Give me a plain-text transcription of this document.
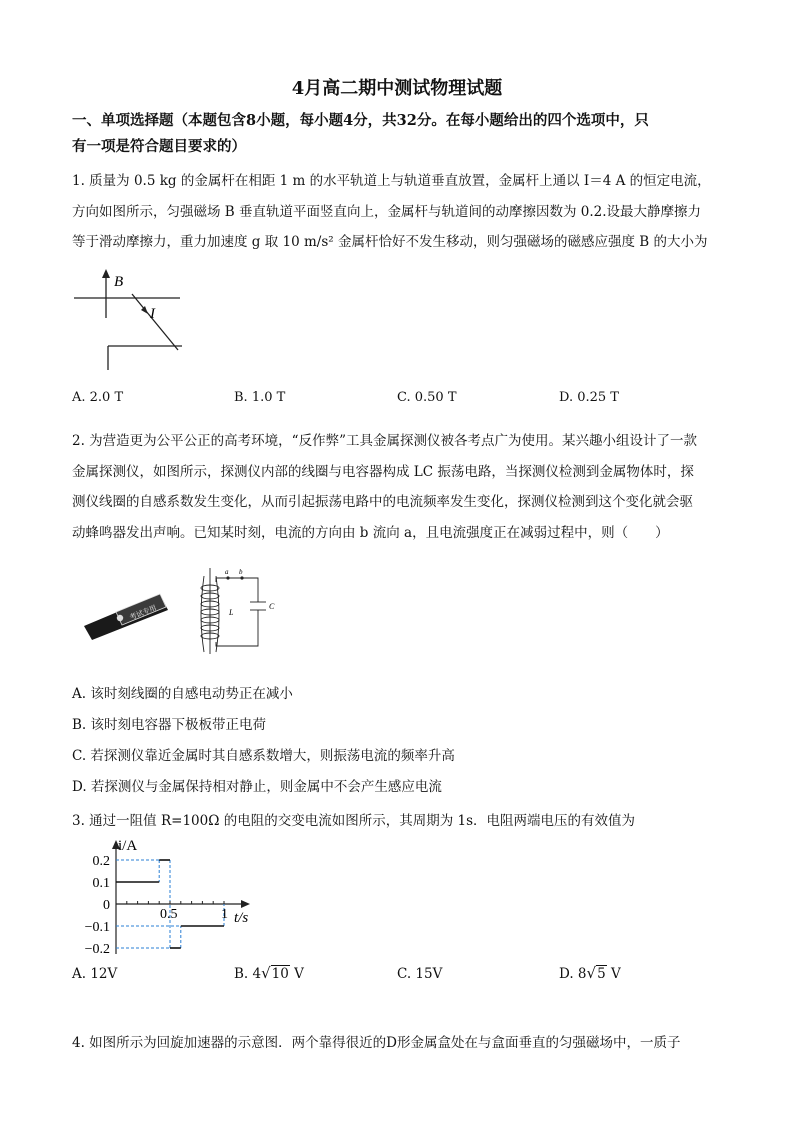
4月高二期中测试物理试题
一、单项选择题（本题包含8小题，每小题4分，共32分。在每小题给出的四个选项中，只
有一项是符合题目要求的）
1. 质量为 0.5 kg 的金属杆在相距 1 m 的水平轨道上与轨道垂直放置，金属杆上通以 I＝4 A 的恒定电流，
方向如图所示，匀强磁场 B 垂直轨道平面竖直向上，金属杆与轨道间的动摩擦因数为 0.2.设最大静摩擦力
等于滑动摩擦力，重力加速度 g 取 10 m/s² 金属杆恰好不发生移动，则匀强磁场的磁感应强度 B 的大小为
B
I
A. 2.0 T	B. 1.0 T	C. 0.50 T	D. 0.25 T
2. 为营造更为公平公正的高考环境，“反作弊”工具金属探测仪被各考点广为使用。某兴趣小组设计了一款
金属探测仪，如图所示，探测仪内部的线圈与电容器构成 LC 振荡电路，当探测仪检测到金属物体时，探
测仪线圈的自感系数发生变化，从而引起振荡电路中的电流频率发生变化，探测仪检测到这个变化就会驱
动蜂鸣器发出声响。已知某时刻，电流的方向由 b 流向 a，且电流强度正在减弱过程中，则（　　）
考试专用
a b
L
C
A. 该时刻线圈的自感电动势正在减小
B. 该时刻电容器下极板带正电荷
C. 若探测仪靠近金属时其自感系数增大，则振荡电流的频率升高
D. 若探测仪与金属保持相对静止，则金属中不会产生感应电流
3. 通过一阻值 R=100Ω 的电阻的交变电流如图所示，其周期为 1s．电阻两端电压的有效值为
0.2
0.1
0
−0.1
−0.2
0.5	1
i/A
t/s
A. 12V	B. 4√10 V	C. 15V	D. 8√5 V
4. 如图所示为回旋加速器的示意图．两个靠得很近的D形金属盒处在与盒面垂直的匀强磁场中，一质子
